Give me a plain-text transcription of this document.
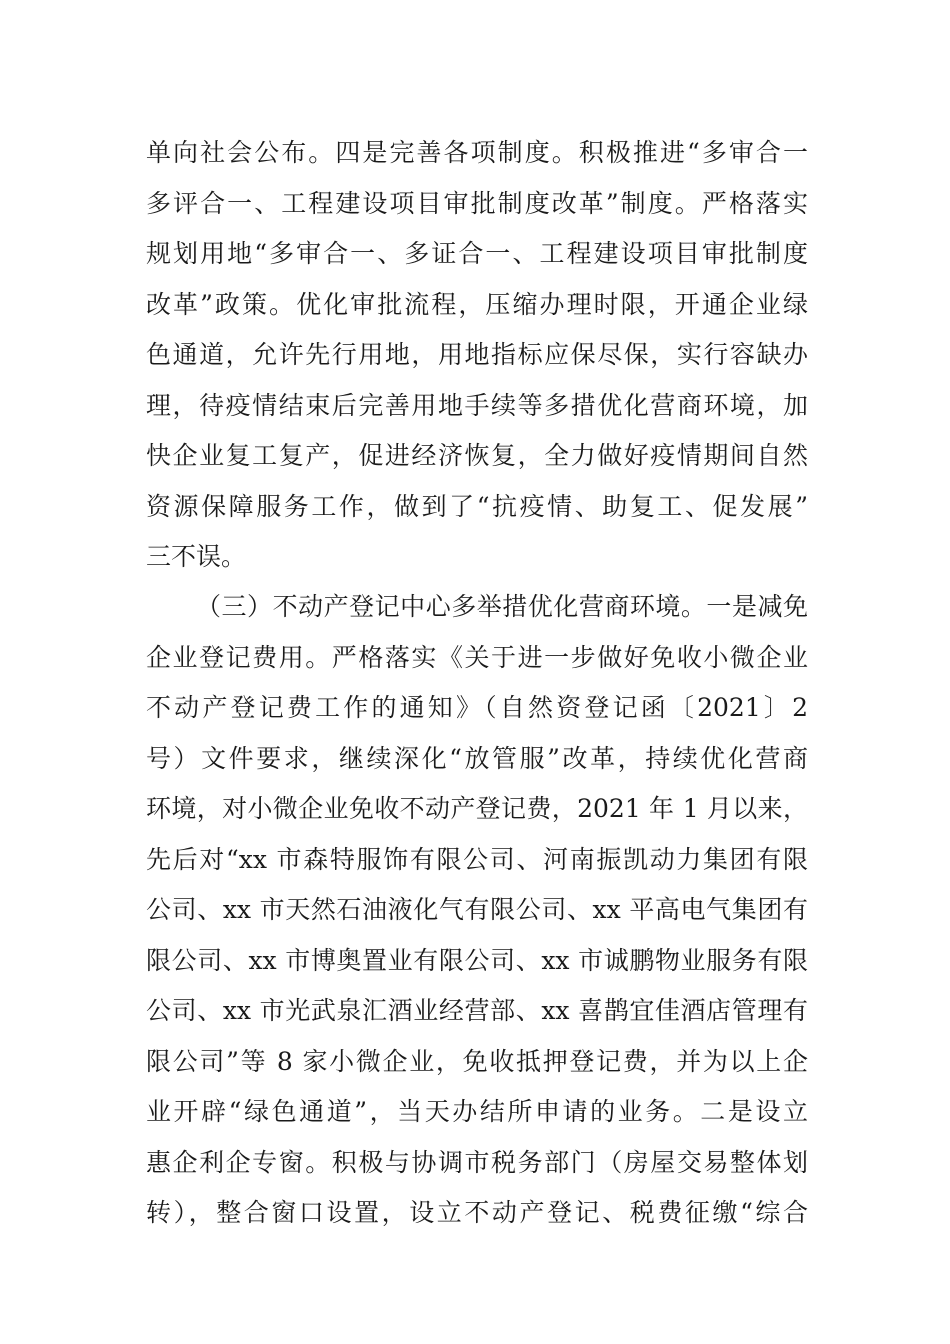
单向社会公布。四是完善各项制度。积极推进“多审合一
多评合一、工程建设项目审批制度改革”制度。严格落实
规划用地“多审合一、多证合一、工程建设项目审批制度
改革”政策。优化审批流程，压缩办理时限，开通企业绿
色通道，允许先行用地，用地指标应保尽保，实行容缺办
理，待疫情结束后完善用地手续等多措优化营商环境，加
快企业复工复产，促进经济恢复，全力做好疫情期间自然
资源保障服务工作，做到了“抗疫情、助复工、促发展”
三不误。
（三）不动产登记中心多举措优化营商环境。一是减免
企业登记费用。严格落实《关于进一步做好免收小微企业
不动产登记费工作的通知》（自然资登记函〔2021〕2
号）文件要求，继续深化“放管服”改革，持续优化营商
环境，对小微企业免收不动产登记费，2021 年 1 月以来，
先后对“xx 市森特服饰有限公司、河南振凯动力集团有限
公司、xx 市天然石油液化气有限公司、xx 平高电气集团有
限公司、xx 市博奥置业有限公司、xx 市诚鹏物业服务有限
公司、xx 市光武泉汇酒业经营部、xx 喜鹊宜佳酒店管理有
限公司”等 8 家小微企业，免收抵押登记费，并为以上企
业开辟“绿色通道”，当天办结所申请的业务。二是设立
惠企利企专窗。积极与协调市税务部门（房屋交易整体划
转），整合窗口设置，设立不动产登记、税费征缴“综合
